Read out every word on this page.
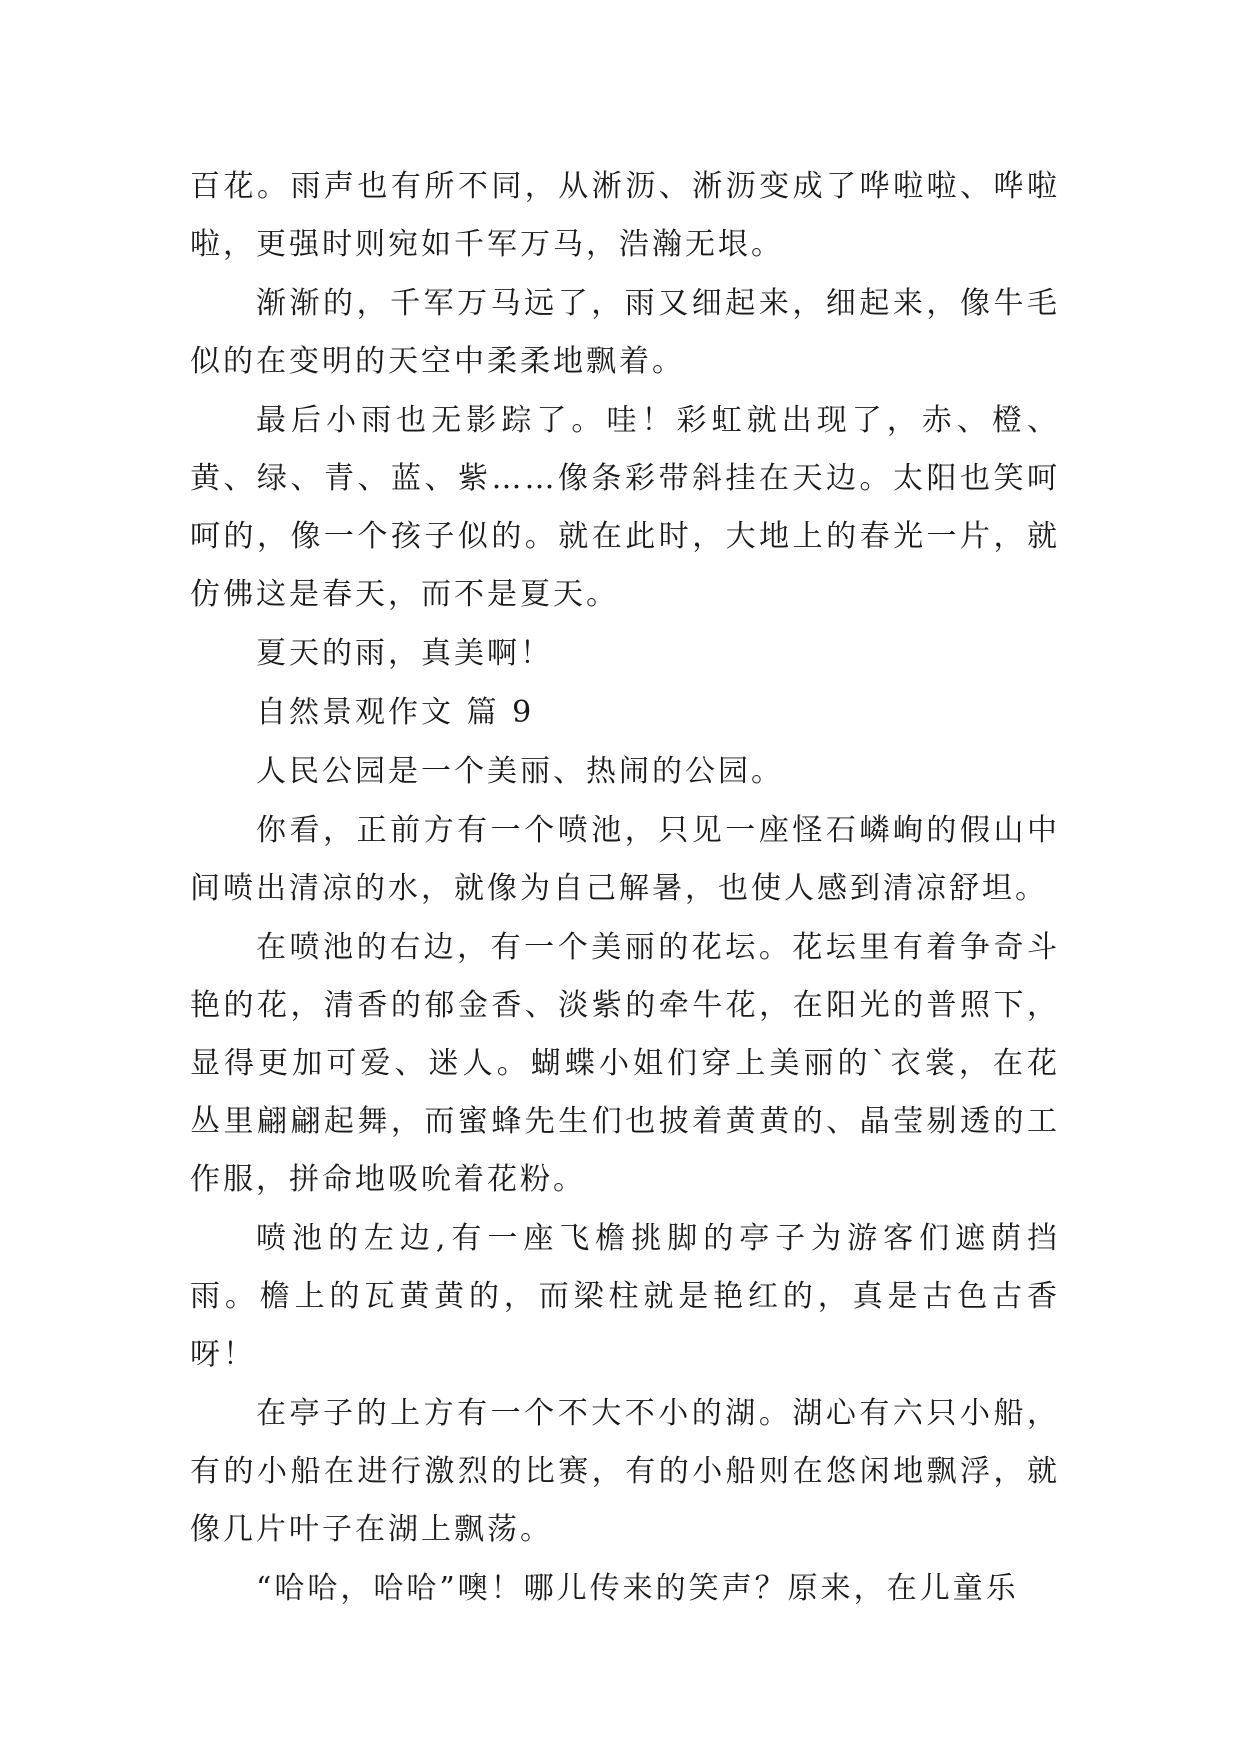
百花。雨声也有所不同，从淅沥、淅沥变成了哗啦啦、哗啦啦，更强时则宛如千军万马，浩瀚无垠。

渐渐的，千军万马远了，雨又细起来，细起来，像牛毛似的在变明的天空中柔柔地飘着。

最后小雨也无影踪了。哇！彩虹就出现了，赤、橙、黄、绿、青、蓝、紫……像条彩带斜挂在天边。太阳也笑呵呵的，像一个孩子似的。就在此时，大地上的春光一片，就仿佛这是春天，而不是夏天。

夏天的雨，真美啊！

自然景观作文 篇 9

人民公园是一个美丽、热闹的公园。

你看，正前方有一个喷池，只见一座怪石嶙峋的假山中间喷出清凉的水，就像为自己解暑，也使人感到清凉舒坦。

在喷池的右边，有一个美丽的花坛。花坛里有着争奇斗艳的花，清香的郁金香、淡紫的牵牛花，在阳光的普照下，显得更加可爱、迷人。蝴蝶小姐们穿上美丽的`衣裳，在花丛里翩翩起舞，而蜜蜂先生们也披着黄黄的、晶莹剔透的工作服，拼命地吸吮着花粉。

喷池的左边,有一座飞檐挑脚的亭子为游客们遮荫挡雨。檐上的瓦黄黄的，而梁柱就是艳红的，真是古色古香呀！

在亭子的上方有一个不大不小的湖。湖心有六只小船，有的小船在进行激烈的比赛，有的小船则在悠闲地飘浮，就像几片叶子在湖上飘荡。

“哈哈，哈哈”噢！哪儿传来的笑声？原来，在儿童乐
